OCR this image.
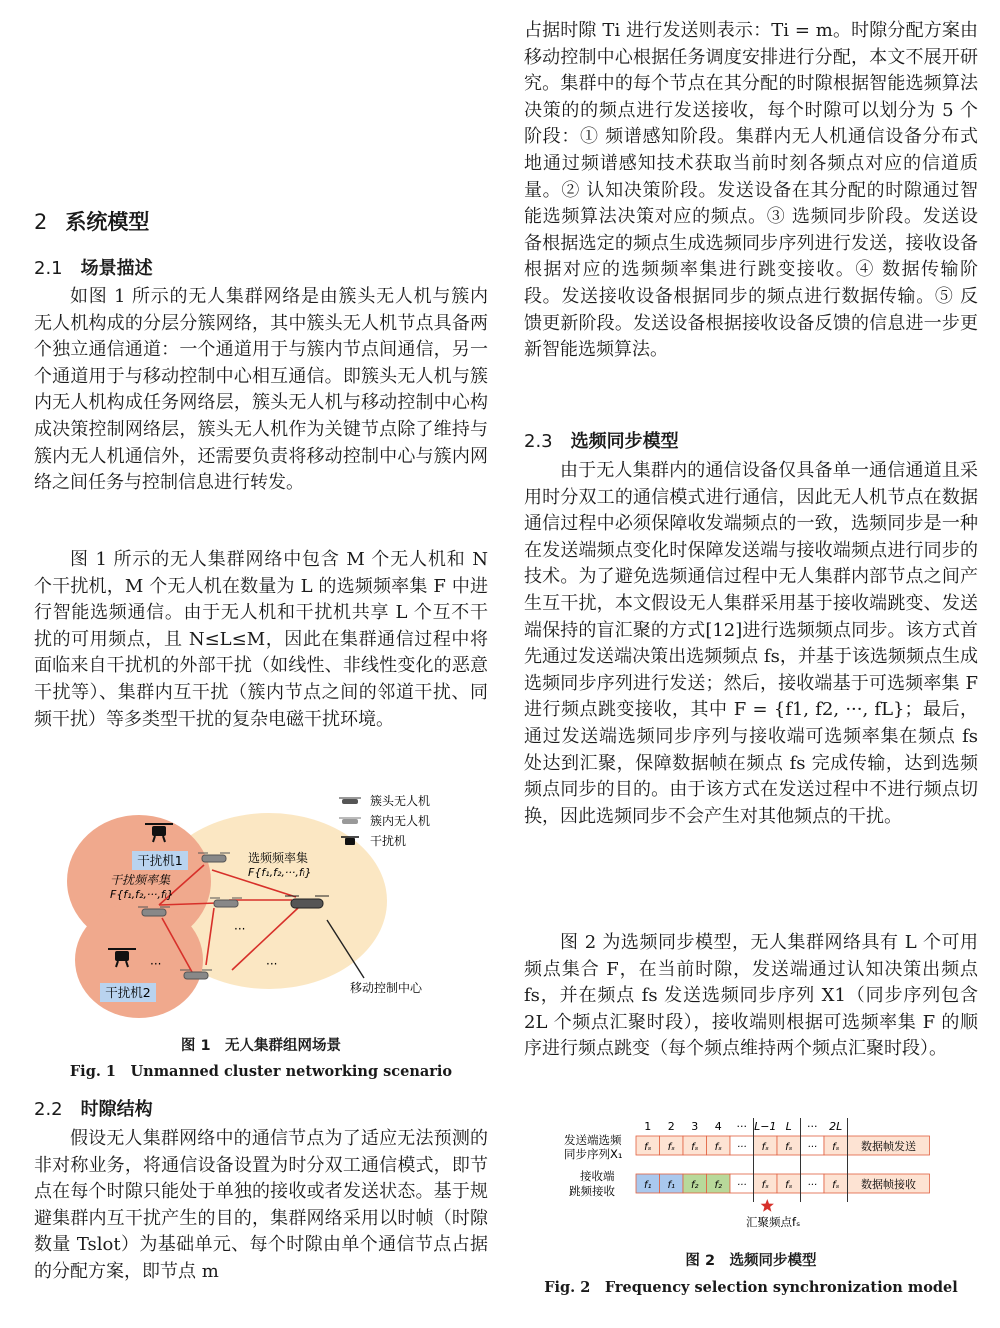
2 系统模型
2.1 场景描述

如图 1 所示的无人集群网络是由簇头无人机与簇内无人机构成的分层分簇网络，其中簇头无人机节点具备两个独立通信通道：一个通道用于与簇内节点间通信，另一个通道用于与移动控制中心相互通信。即簇头无人机与簇内无人机构成任务网络层，簇头无人机与移动控制中心构成决策控制网络层，簇头无人机作为关键节点除了维持与簇内无人机通信外，还需要负责将移动控制中心与簇内网络之间任务与控制信息进行转发。

图 1 所示的无人集群网络中包含 M 个无人机和 N 个干扰机，M 个无人机在数量为 L 的选频频率集 F 中进行智能选频通信。由于无人机和干扰机共享 L 个互不干扰的可用频点，且 N≤L≤M，因此在集群通信过程中将面临来自干扰机的外部干扰（如线性、非线性变化的恶意干扰等）、集群内互干扰（簇内节点之间的邻道干扰、同频干扰）等多类型干扰的复杂电磁干扰环境。

干扰机1
干扰机2
干扰频率集
F{f₁,f₂,···,fₗ}
选频频率集
F{f₁,f₂,···,fₗ}
···
···	···
移动控制中心
簇头无人机
簇内无人机
干扰机

图 1　无人集群组网场景

Fig. 1　Unmanned cluster networking scenario

2.2 时隙结构

假设无人集群网络中的通信节点为了适应无法预测的非对称业务，将通信设备设置为时分双工通信模式，即节点在每个时隙只能处于单独的接收或者发送状态。基于规避集群内互干扰产生的目的，集群网络采用以时帧（时隙数量 Tslot）为基础单元、每个时隙由单个通信节点占据的分配方案，即节点 m

占据时隙 Ti 进行发送则表示：Ti = m。时隙分配方案由移动控制中心根据任务调度安排进行分配，本文不展开研究。集群中的每个节点在其分配的时隙根据智能选频算法决策的的频点进行发送接收，每个时隙可以划分为 5 个阶段：① 频谱感知阶段。集群内无人机通信设备分布式地通过频谱感知技术获取当前时刻各频点对应的信道质量。② 认知决策阶段。发送设备在其分配的时隙通过智能选频算法决策对应的频点。③ 选频同步阶段。发送设备根据选定的频点生成选频同步序列进行发送，接收设备根据对应的选频频率集进行跳变接收。④ 数据传输阶段。发送接收设备根据同步的频点进行数据传输。⑤ 反馈更新阶段。发送设备根据接收设备反馈的信息进一步更新智能选频算法。

2.3 选频同步模型

由于无人集群内的通信设备仅具备单一通信通道且采用时分双工的通信模式进行通信，因此无人机节点在数据通信过程中必须保障收发端频点的一致，选频同步是一种在发送端频点变化时保障发送端与接收端频点进行同步的技术。为了避免选频通信过程中无人集群内部节点之间产生互干扰，本文假设无人集群采用基于接收端跳变、发送端保持的盲汇聚的方式[12]进行选频频点同步。该方式首先通过发送端决策出选频频点 fs，并基于该选频频点生成选频同步序列进行发送；然后，接收端基于可选频率集 F 进行频点跳变接收，其中 F = {f1, f2, ···, fL}；最后，通过发送端选频同步序列与接收端可选频率集在频点 fs 处达到汇聚，保障数据帧在频点 fs 完成传输，达到选频频点同步的目的。由于该方式在发送过程中不进行频点切换，因此选频同步不会产生对其他频点的干扰。

图 2 为选频同步模型，无人集群网络具有 L 个可用频点集合 F，在当前时隙，发送端通过认知决策出频点 fs，并在频点 fs 发送选频同步序列 X1（同步序列包含 2L 个频点汇聚时段），接收端则根据可选频率集 F 的顺序进行频点跳变（每个频点维持两个频点汇聚时段）。

发送端选频
同步序列X₁
接收端
跳频接收
1 2 3 4 ··· L−1 L ··· 2L
fₛ fₛ fₛ fₛ ··· fₛ fₛ ··· fₛ 数据帧发送
f₁ f₁ f₂ f₂ ··· fₛ fₛ ··· fₛ 数据帧接收
汇聚频点fₛ

图 2　选频同步模型

Fig. 2　Frequency selection synchronization model
